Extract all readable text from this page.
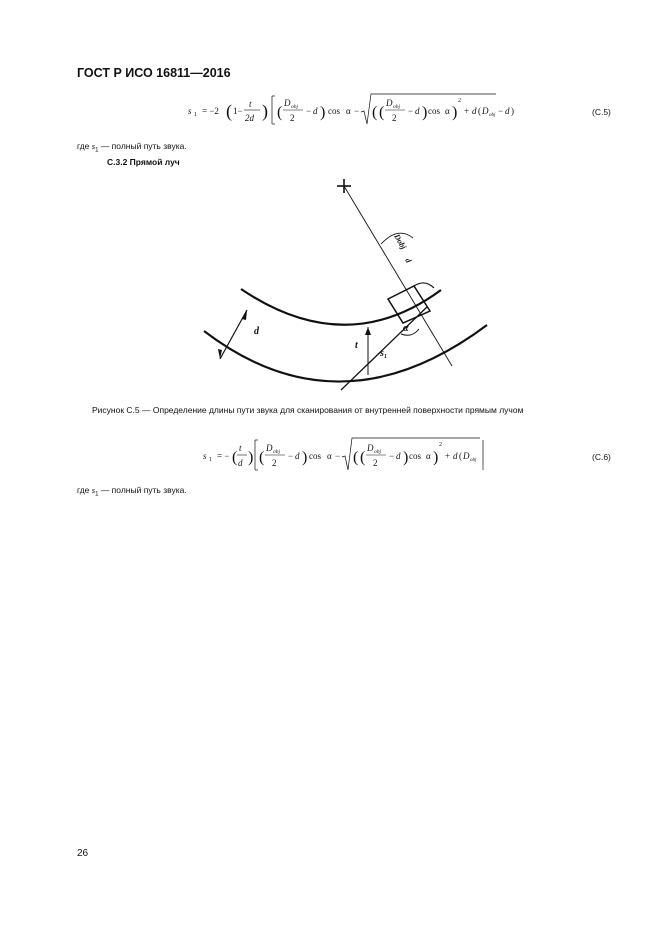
ГОСТ Р ИСО 16811—2016
s 1 = −2 ( 1−
t
2d ) (
D obj
2
− d ) cos α − ( (
D obj
2
− d ) cos α )
2
+ d ( D obj − d )	(C.5)
где $s_1$ — полный путь звука.
С.3.2 Прямой луч
Dobj
d
d
t
s₁
α
Рисунок С.5 — Определение длины пути звука для сканирования от внутренней поверхности прямым лучом
s 1 = − (
t
d ) (
D obj
2
− d ) cos α − ( (
D obj
2
− d ) cos α )
2
+ d ( D obj	(C.6)
где $s_1$ — полный путь звука.
26
